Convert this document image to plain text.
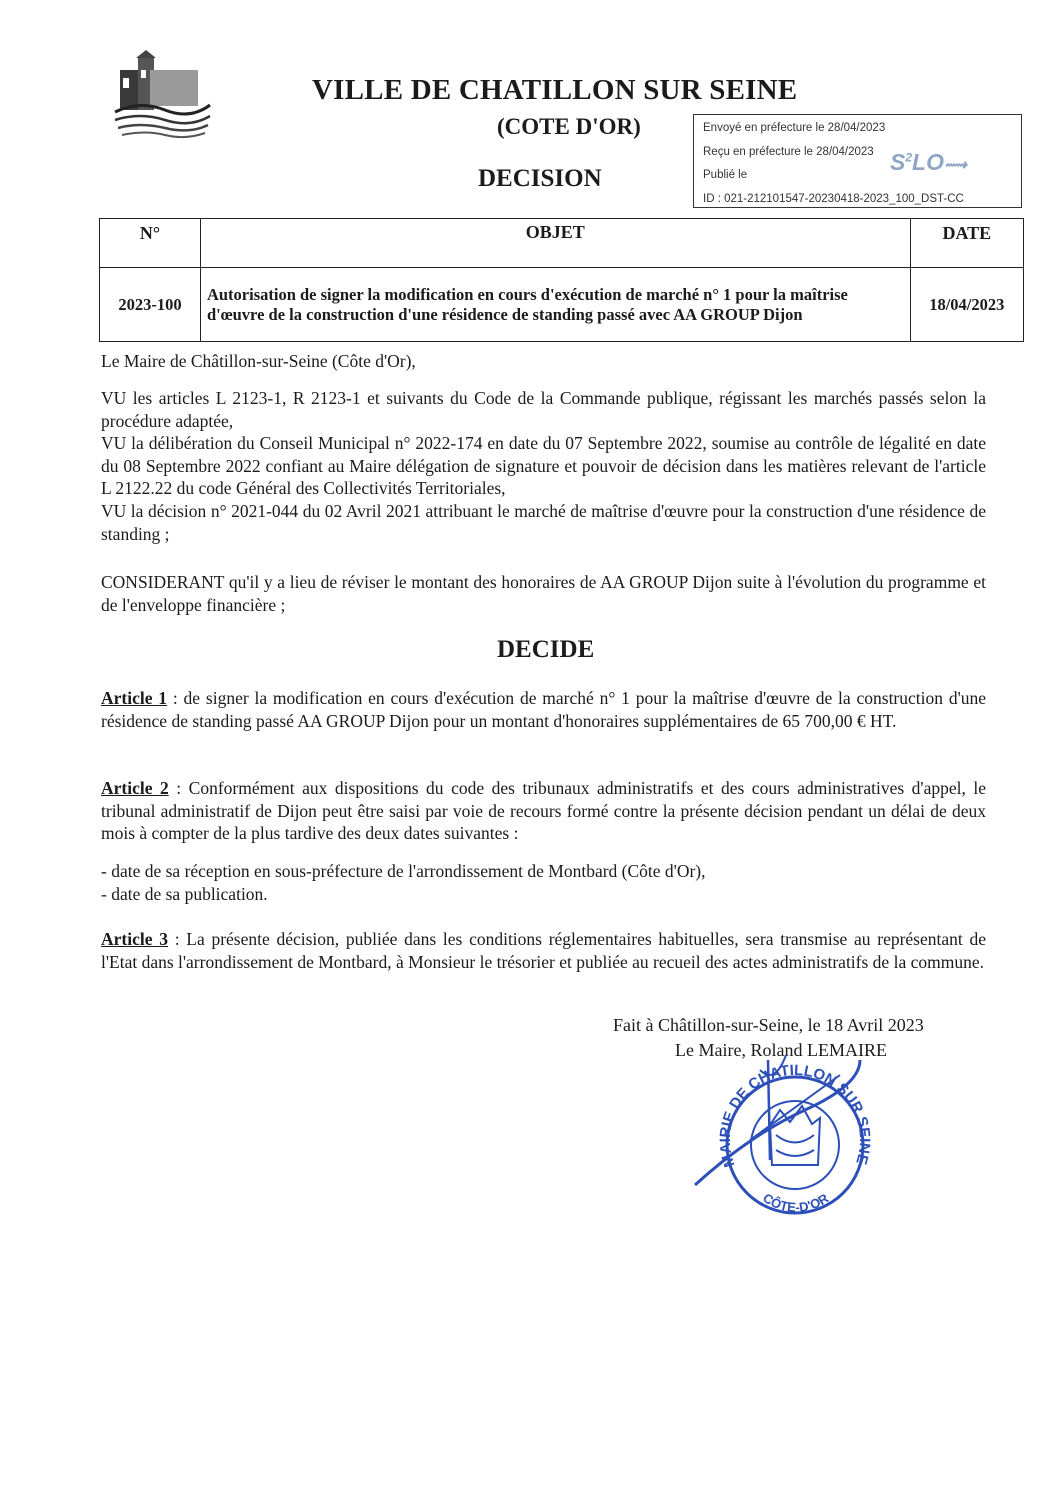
VILLE DE CHATILLON SUR SEINE
(COTE D'OR)
DECISION
Envoyé en préfecture le 28/04/2023
Reçu en préfecture le 28/04/2023
Publié le
ID : 021-212101547-20230418-2023_100_DST-CC
$S^2LO⟿$
N°	OBJET	DATE
2023-100	Autorisation de signer la modification en cours d'exécution de marché n° 1 pour la maîtrise d'œuvre de la construction d'une résidence de standing passé avec AA GROUP Dijon	18/04/2023
Le Maire de Châtillon-sur-Seine (Côte d'Or),
VU les articles L 2123-1, R 2123-1 et suivants du Code de la Commande publique, régissant les marchés passés selon la procédure adaptée,
VU la délibération du Conseil Municipal n° 2022-174 en date du 07 Septembre 2022, soumise au contrôle de légalité en date du 08 Septembre 2022 confiant au Maire délégation de signature et pouvoir de décision dans les matières relevant de l'article L 2122.22 du code Général des Collectivités Territoriales,
VU la décision n° 2021-044 du 02 Avril 2021 attribuant le marché de maîtrise d'œuvre pour la construction d'une résidence de standing ;
CONSIDERANT qu'il y a lieu de réviser le montant des honoraires de AA GROUP Dijon suite à l'évolution du programme et de l'enveloppe financière ;
DECIDE
Article 1 : de signer la modification en cours d'exécution de marché n° 1 pour la maîtrise d'œuvre de la construction d'une résidence de standing passé AA GROUP Dijon pour un montant d'honoraires supplémentaires de 65 700,00 € HT.
Article 2 : Conformément aux dispositions du code des tribunaux administratifs et des cours administratives d'appel, le tribunal administratif de Dijon peut être saisi par voie de recours formé contre la présente décision pendant un délai de deux mois à compter de la plus tardive des deux dates suivantes :
- date de sa réception en sous-préfecture de l'arrondissement de Montbard (Côte d'Or),
- date de sa publication.
Article 3 : La présente décision, publiée dans les conditions réglementaires habituelles, sera transmise au représentant de l'Etat dans l'arrondissement de Montbard, à Monsieur le trésorier et publiée au recueil des actes administratifs de la commune.
Fait à Châtillon-sur-Seine, le 18 Avril 2023
Le Maire, Roland LEMAIRE
MAIRIE DE CHATILLON SUR SEINE
CÔTE-D'OR
